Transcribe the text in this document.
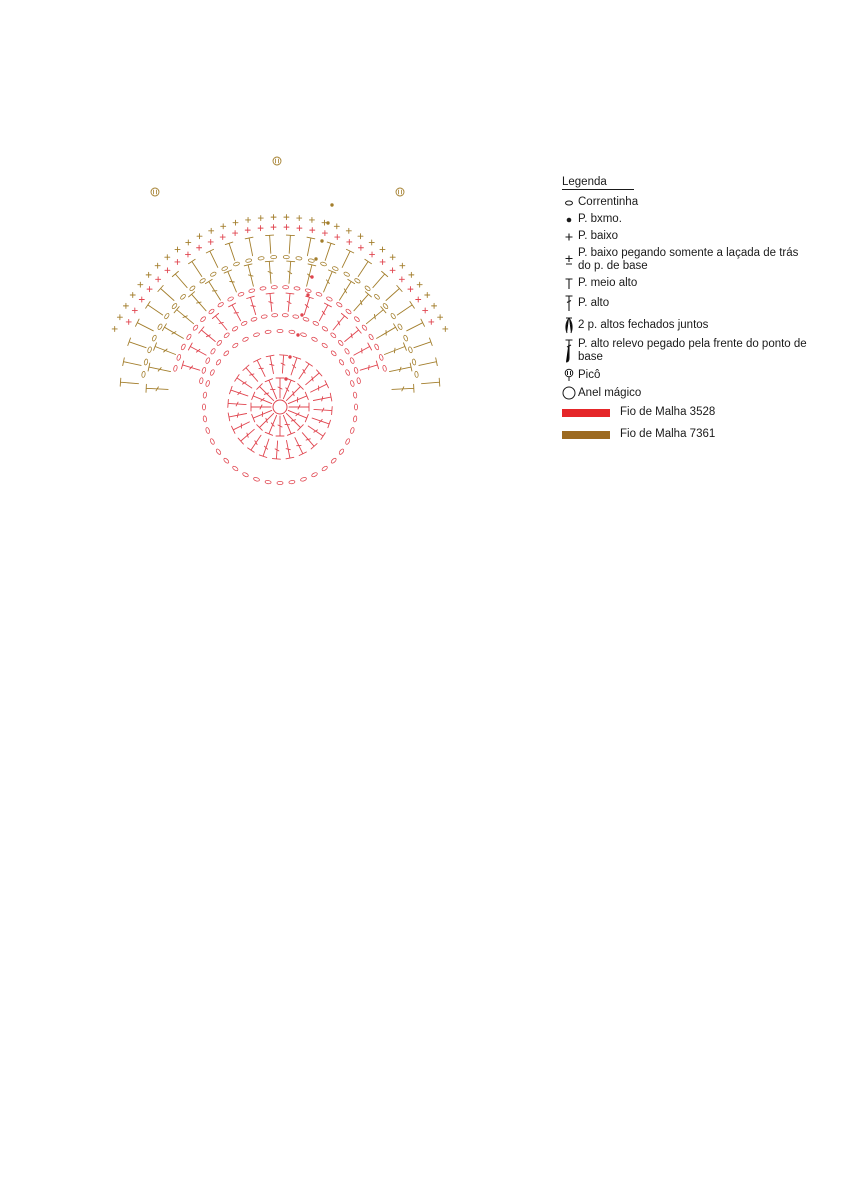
Legenda
Correntinha
P. bxmo.
P. baixo
P. baixo pegando somente a laçada de trás do p. de base
P. meio alto
P. alto
2 p. altos fechados juntos
P. alto relevo pegado pela frente do ponto de base
Picô
Anel mágico
Fio de Malha 3528
Fio de Malha 7361
